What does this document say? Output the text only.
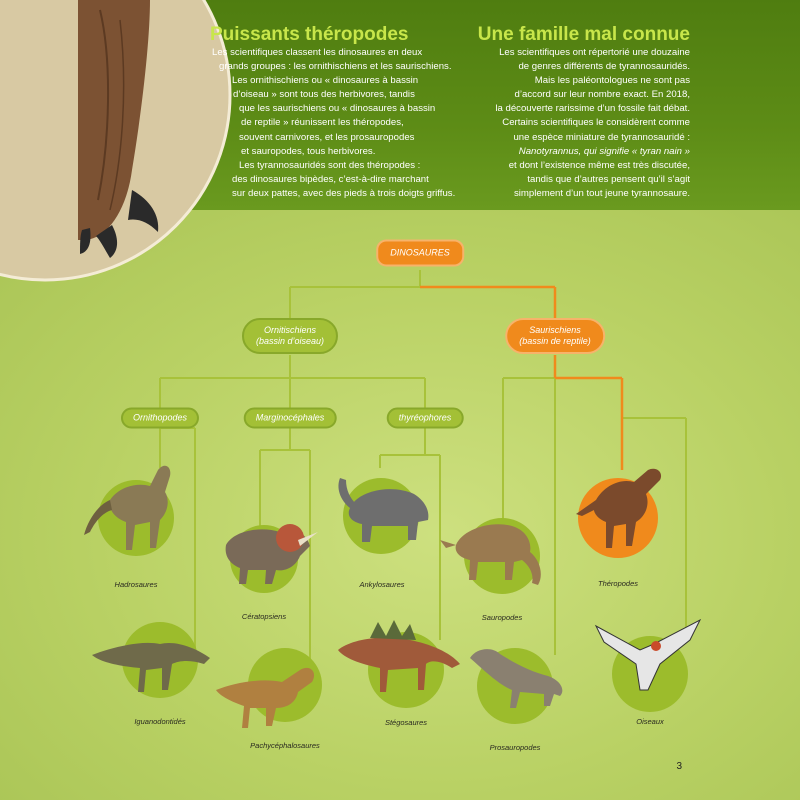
Puissants théropodes
Les scientifiques classent les dinosaures en deux
grands groupes : les ornithischiens et les saurischiens.
Les ornithischiens ou « dinosaures à bassin
d’oiseau » sont tous des herbivores, tandis
que les saurischiens ou « dinosaures à bassin
de reptile » réunissent les théropodes,
souvent carnivores, et les prosauropodes
et sauropodes, tous herbivores.
Les tyrannosauridés sont des théropodes :
des dinosaures bipèdes, c’est-à-dire marchant
sur deux pattes, avec des pieds à trois doigts griffus.
Une famille mal connue
Les scientifiques ont répertorié une douzaine
de genres différents de tyrannosauridés.
Mais les paléontologues ne sont pas
d’accord sur leur nombre exact. En 2018,
la découverte rarissime d’un fossile fait débat.
Certains scientifiques le considèrent comme
une espèce miniature de tyrannosauridé :
Nanotyrannus, qui signifie « tyran nain »
et dont l’existence même est très discutée,
tandis que d’autres pensent qu’il s’agit
simplement d’un tout jeune tyrannosaure.
DINOSAURES
Ornitischiens
(bassin d’oiseau)
Saurischiens
(bassin de reptile)
Ornithopodes	Marginocéphales	thyréophores
Hadrosaures
Cératopsiens
Ankylosaures
Sauropodes
Théropodes
Iguanodontidés
Pachycéphalosaures
Stégosaures
Prosauropodes
Oiseaux
3
